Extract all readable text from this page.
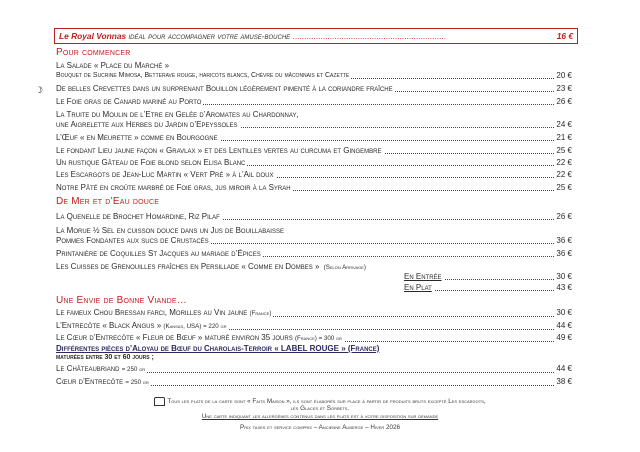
Le Royal Vonnas idéal pour accompagner votre amuse-bouche ..................................................................	16 €
Pour commencer
La Salade « Place du Marché »
Bouquet de Sucrine Mimosa, Betterave rouge, haricots blancs, Chèvre du mâconnais et Cazette	20 €
☽ De belles Crevettes dans un surprenant Bouillon légèrement pimenté à la coriandre fraîche	23 €
Le Foie gras de Canard mariné au Porto	26 €
La Truite du Moulin de l’Etre en Gelée d’Aromates au Chardonnay,
une Aigrelette aux Herbes du Jardin d’Epeyssoles	24 €
L’Œuf « en Meurette » comme en Bourgogne	21 €
Le fondant Lieu jaune façon « Gravlax » et des Lentilles vertes au curcuma et Gingembre	25 €
Un rustique Gâteau de Foie blond selon Elisa Blanc	22 €
Les Escargots de Jean-Luc Martin « Vert Pré » à l’Ail doux	22 €
Notre Pâté en croûte marbré de Foie gras, jus miroir à la Syrah	25 €
De Mer et d’Eau douce
La Quenelle de Brochet Homardine, Riz Pilaf	26 €
La Morue ½ Sel en cuisson douce dans un Jus de Bouillabaisse
Pommes Fondantes aux sucs de Crustacés	36 €
Printanière de Coquilles St Jacques au mariage d’Épices	36 €
Les Cuisses de Grenouilles fraîches en Persillade « Comme en Dombes » (Selon Arrivage)
En Entrée	30 €
En Plat	43 €
Une Envie de Bonne Viande…
Le fameux Chou Bressan farci, Morilles au Vin jaune (France)	30 €
L’Entrecôte « Black Angus » (Kansas, USA) = 220 gr	44 €
Le Cœur d’Entrecôte « Fleur de Bœuf » maturé environ 35 jours (France) = 300 gr	49 €
Différentes pièces d’Aloyau de Bœuf du Charolais-Terroir « LABEL ROUGE » (France)
maturées entre 30 et 60 jours ;
Le Châteaubriand = 250 gr	44 €
Cœur d’Entrecôte = 250 gr	38 €
Tous les plats de la carte sont « Faits Maison », ils sont élaborés sur place à partir de produits bruts excepté Les escargots,
les Glaces et Sorbets.
Une carte indiquant les allergènes contenus dans les plats est à votre disposition sur demande
Prix taxes et service compris – Ancienne Auberge – Hiver 2026
